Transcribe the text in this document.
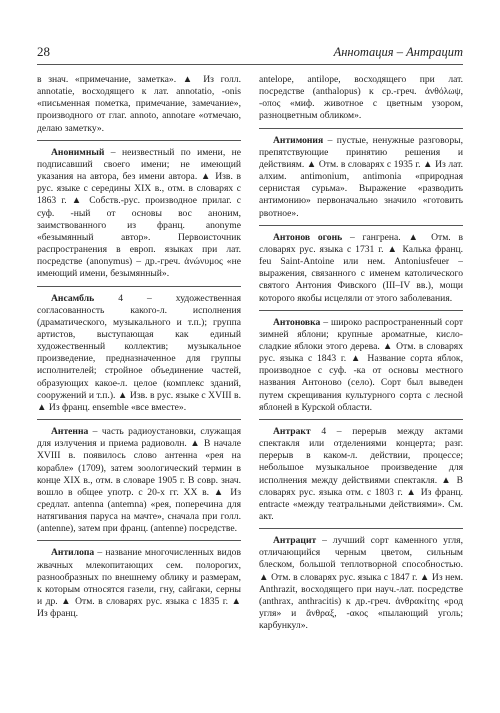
28	Аннотация – Антрацит
в знач. «примечание, заметка». ▲ Из голл. annotatie, восходящего к лат. annotatio, -onis «письменная пометка, примечание, замечание», производного от глаг. annoto, annotare «отмечаю, делаю заметку».
Анонимный – неизвестный по имени, не подписавший своего имени; не имеющий указания на автора, без имени автора. ▲ Изв. в рус. языке с середины XIX в., отм. в словарях с 1863 г. ▲ Собств.-рус. производное прилаг. с суф. -ный от основы вос аноним, заимствованного из франц. anonyme «безымянный автор». Первоисточник распространения в европ. языках при лат. посредстве (anonymus) – др.-греч. ἀνώνυμος «не имеющий имени, безымянный».
Ансамбль 4 – художественная согласованность какого-л. исполнения (драматического, музыкального и т.п.); группа артистов, выступающая как единый художественный коллектив; музыкальное произведение, предназначенное для группы исполнителей; стройное объединение частей, образующих какое-л. целое (комплекс зданий, сооружений и т.п.). ▲ Изв. в рус. языке с XVIII в. ▲ Из франц. ensemble «все вместе».
Антенна – часть радиоустановки, служащая для излучения и приема радиоволн. ▲ В начале XVIII в. появилось слово антенна «рея на корабле» (1709), затем зоологический термин в конце XIX в., отм. в словаре 1905 г. В совр. знач. вошло в общее употр. с 20-х гг. XX в. ▲ Из средлат. antenna (antemna) «рея, поперечина для натягивания паруса на мачте», сначала при голл. (antenne), затем при франц. (antenne) посредстве.
Антилопа – название многочисленных видов жвачных млекопитающих сем. полорогих, разнообразных по внешнему облику и размерам, к которым относятся газели, гну, сайгаки, серны и др. ▲ Отм. в словарях рус. языка с 1835 г. ▲ Из франц.
antelope, antilope, восходящего при лат. посредстве (anthalopus) к ср.-греч. ἀνθόλωψ, -οπος «миф. животное с цветным узором, разноцветным обликом».
Антимония – пустые, ненужные разговоры, препятствующие принятию решения и действиям. ▲ Отм. в словарях с 1935 г. ▲ Из лат. алхим. antimonium, antimonia «природная сернистая сурьма». Выражение «разводить антимонию» первоначально значило «готовить рвотное».
Антонов огонь – гангрена. ▲ Отм. в словарях рус. языка с 1731 г. ▲ Калька франц. feu Saint-Antoine или нем. Antoniusfeuer – выражения, связанного с именем католического святого Антония Фивского (III–IV вв.), мощи которого якобы исцеляли от этого заболевания.
Антоновка – широко распространенный сорт зимней яблони; крупные ароматные, кисло-сладкие яблоки этого дерева. ▲ Отм. в словарях рус. языка с 1843 г. ▲ Название сорта яблок, производное с суф. -ка от основы местного названия Антоново (село). Сорт был выведен путем скрещивания культурного сорта с лесной яблоней в Курской области.
Антракт 4 – перерыв между актами спектакля или отделениями концерта; разг. перерыв в каком-л. действии, процессе; небольшое музыкальное произведение для исполнения между действиями спектакля. ▲ В словарях рус. языка отм. с 1803 г. ▲ Из франц. entracte «между театральными действиями». См. акт.
Антрацит – лучший сорт каменного угля, отличающийся черным цветом, сильным блеском, большой теплотворной способностью. ▲ Отм. в словарях рус. языка с 1847 г. ▲ Из нем. Anthrazit, восходящего при науч.-лат. посредстве (anthrax, anthracitis) к др.-греч. ἀνθρακίτης «род угля» и ἄνθραξ, -ακος «пылающий уголь; карбункул».
